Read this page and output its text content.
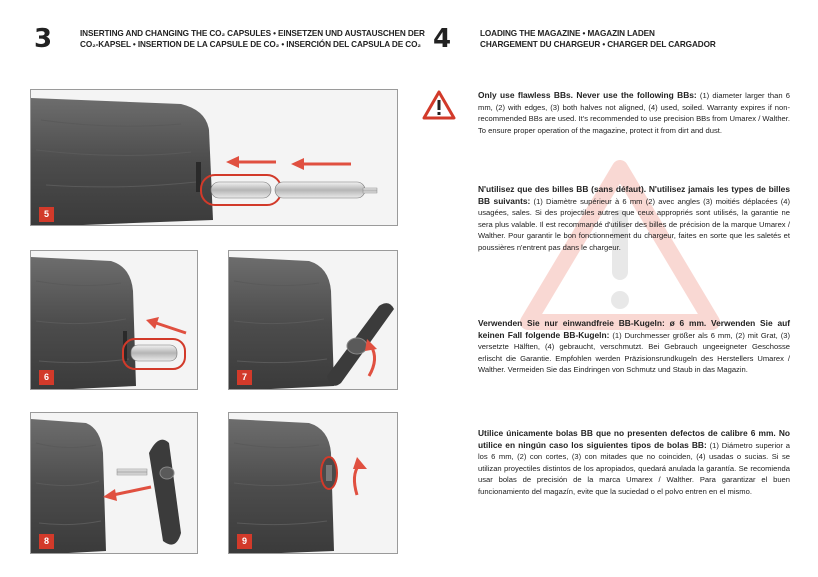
3	INSERTING AND CHANGING THE CO₂ CAPSULES • EINSETZEN UND AUSTAUSCHEN DER
CO₂-KAPSEL • INSERTION DE LA CAPSULE DE CO₂ • INSERCIÓN DEL CAPSULA DE CO₂ 4	LOADING THE MAGAZINE • MAGAZIN LADEN
CHARGEMENT DU CHARGEUR • CHARGER DEL CARGADOR
5
6	7
8	9
Only use flawless BBs. Never use the following BBs: (1) diameter larger than 6 mm, (2) with edges, (3) both halves not aligned, (4) used, soiled. Warranty expires if non-recommended BBs are used. It's recommended to use precision BBs from Umarex / Walther. To ensure proper operation of the magazine, protect it from dirt and dust.
N'utilisez que des billes BB (sans défaut). N'utilisez jamais les types de billes BB suivants: (1) Diamètre supérieur à 6 mm (2) avec angles (3) moitiés déplacées (4) usagées, sales. Si des projectiles autres que ceux appropriés sont utilisés, la garantie ne sera plus valable. Il est recommandé d'utiliser des billes de précision de la marque Umarex / Walther. Pour garantir le bon fonctionnement du chargeur, faites en sorte que les saletés et poussières n'entrent pas dans le chargeur.
Verwenden Sie nur einwandfreie BB-Kugeln: ø 6 mm. Verwenden Sie auf keinen Fall folgende BB-Kugeln: (1) Durchmesser größer als 6 mm, (2) mit Grat, (3) versetzte Hälften, (4) gebraucht, verschmutzt. Bei Gebrauch ungeeigneter Geschosse erlischt die Garantie. Empfohlen werden Präzisionsrundkugeln des Herstellers Umarex / Walther. Vermeiden Sie das Eindringen von Schmutz und Staub in das Magazin.
Utilice únicamente bolas BB que no presenten defectos de calibre 6 mm. No utilice en ningún caso los siguientes tipos de bolas BB: (1) Diámetro superior a los 6 mm, (2) con cortes, (3) con mitades que no coinciden, (4) usadas o sucias. Si se utilizan proyectiles distintos de los apropiados, quedará anulada la garantía. Se recomienda usar bolas de precisión de la marca Umarex / Walther. Para garantizar el buen funcionamiento del magazín, evite que la suciedad o el polvo entren en el mismo.
